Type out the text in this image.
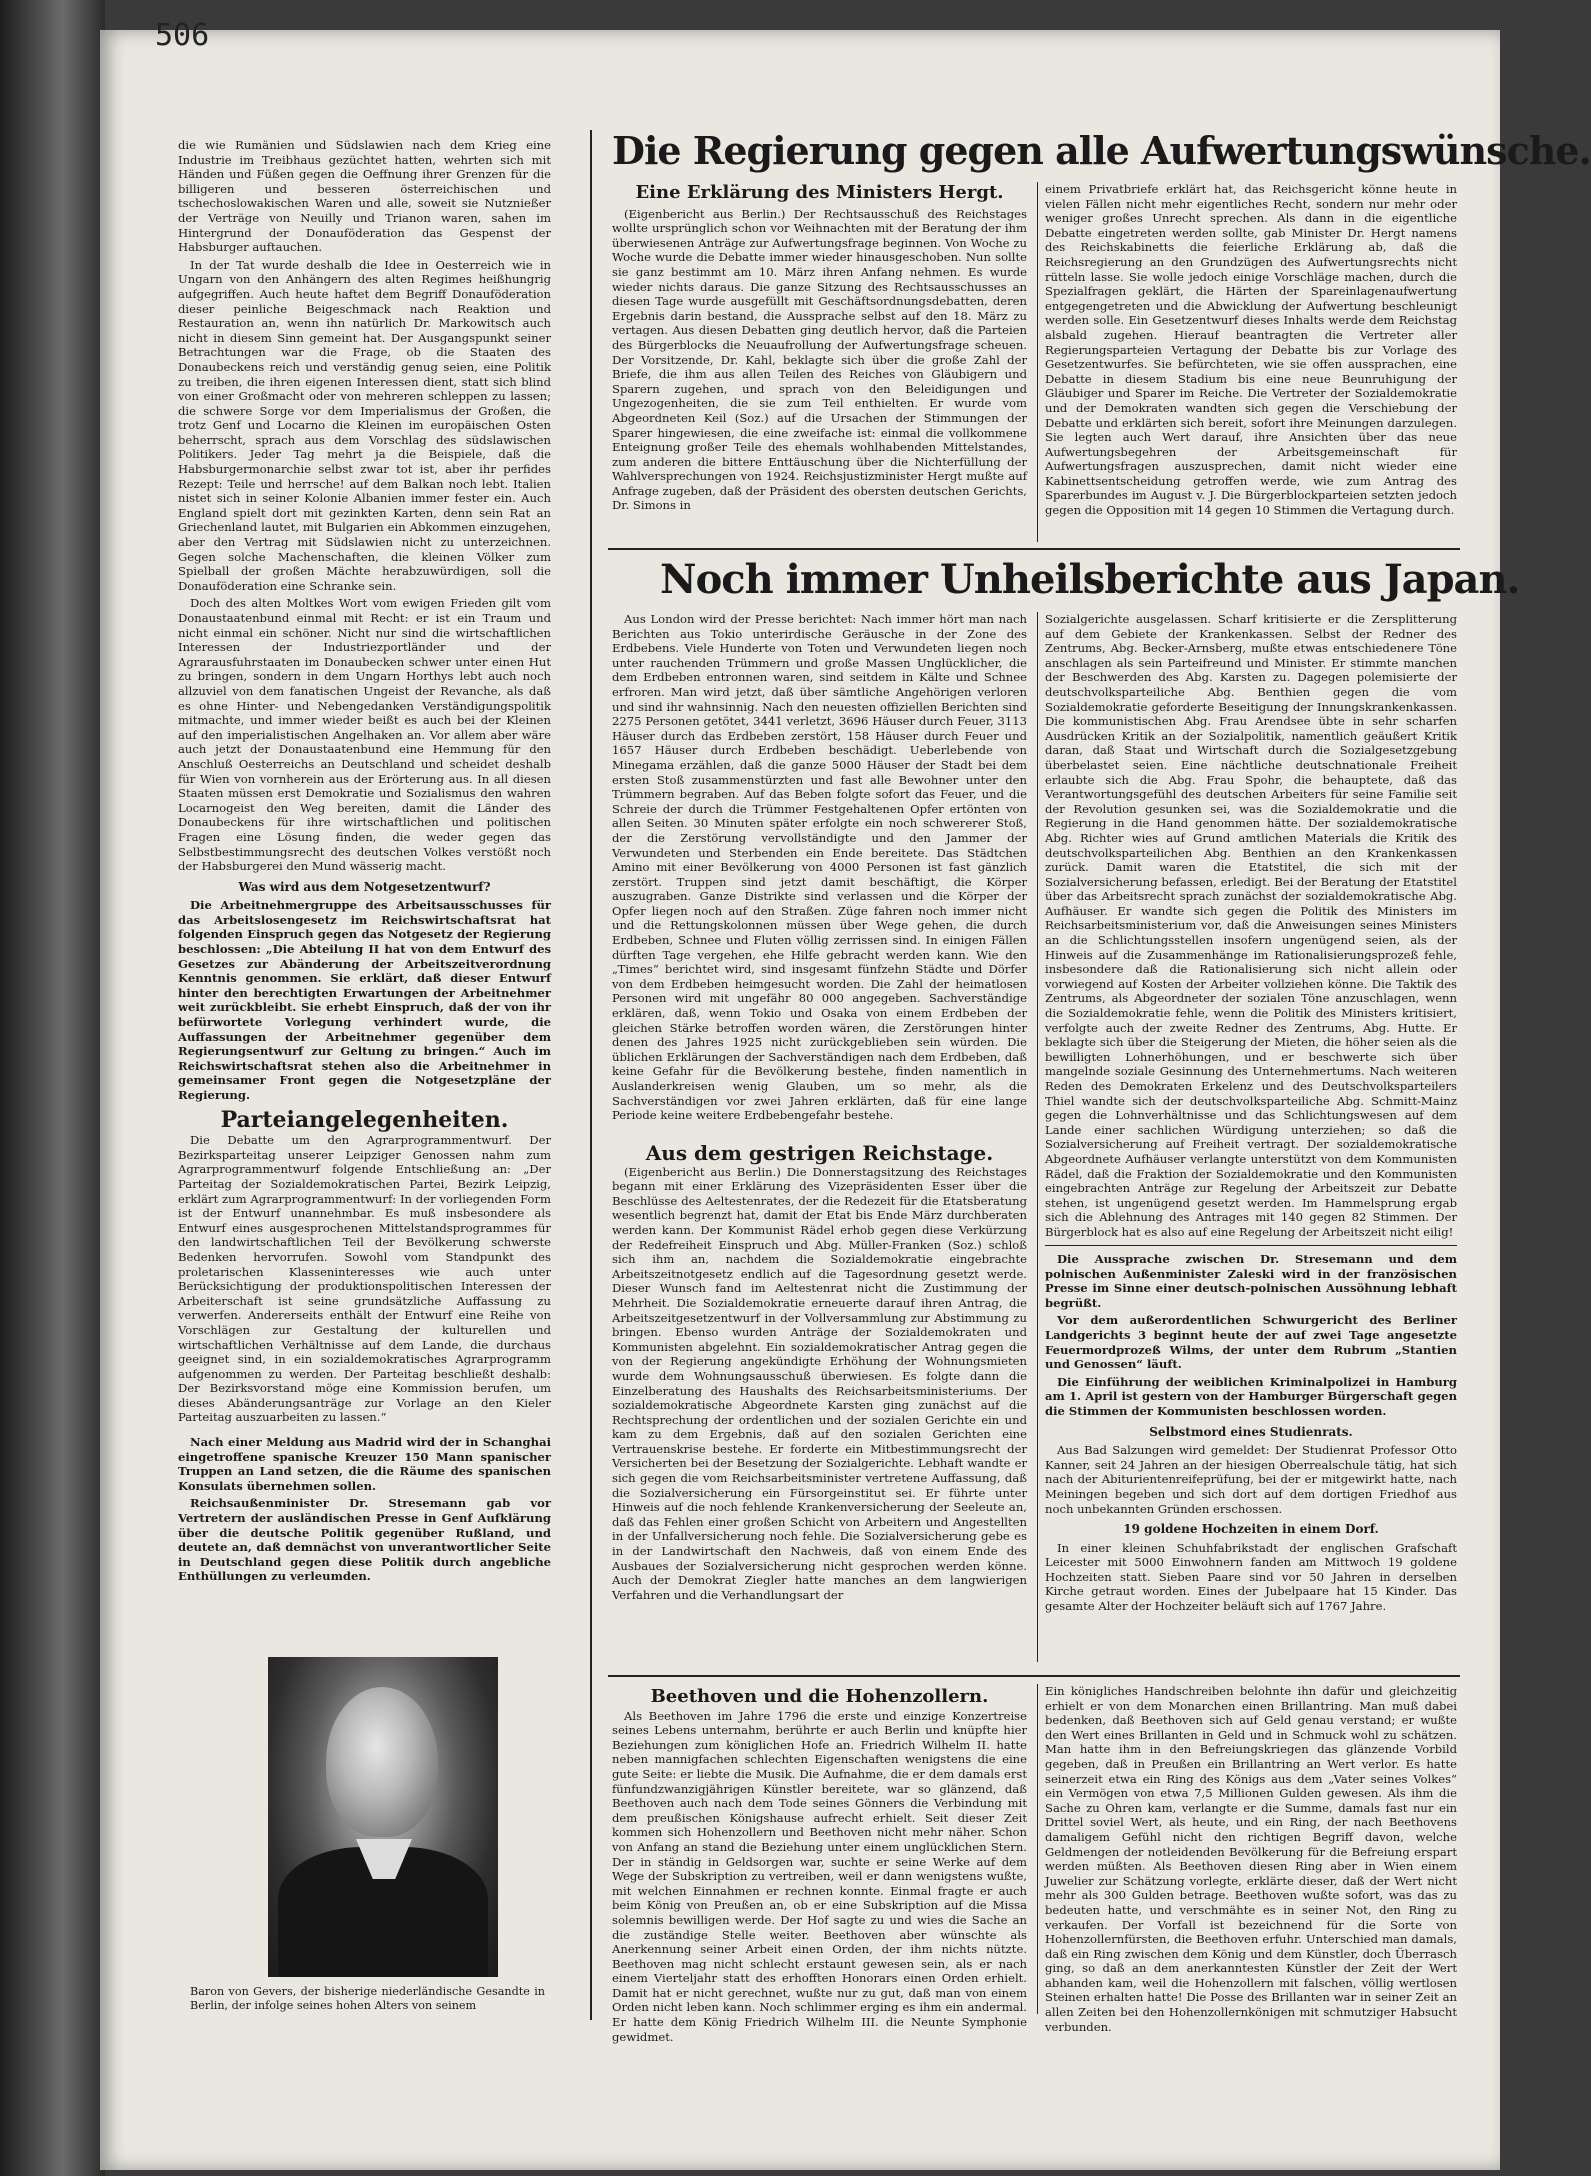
506

die wie Rumänien und Südslawien nach dem Krieg eine Industrie im Treibhaus gezüchtet hatten, wehrten sich mit Händen und Füßen gegen die Oeffnung ihrer Grenzen für die billigeren und besseren österreichischen und tschechoslowakischen Waren und alle, soweit sie Nutznießer der Verträge von Neuilly und Trianon waren, sahen im Hintergrund der Donauföderation das Gespenst der Habsburger auftauchen.

In der Tat wurde deshalb die Idee in Oesterreich wie in Ungarn von den Anhängern des alten Regimes heißhungrig aufgegriffen. Auch heute haftet dem Begriff Donauföderation dieser peinliche Beigeschmack nach Reaktion und Restauration an, wenn ihn natürlich Dr. Markowitsch auch nicht in diesem Sinn gemeint hat. Der Ausgangspunkt seiner Betrachtungen war die Frage, ob die Staaten des Donaubeckens reich und verständig genug seien, eine Politik zu treiben, die ihren eigenen Interessen dient, statt sich blind von einer Großmacht oder von mehreren schleppen zu lassen; die schwere Sorge vor dem Imperialismus der Großen, die trotz Genf und Locarno die Kleinen im europäischen Osten beherrscht, sprach aus dem Vorschlag des südslawischen Politikers. Jeder Tag mehrt ja die Beispiele, daß die Habsburgermonarchie selbst zwar tot ist, aber ihr perfides Rezept: Teile und herrsche! auf dem Balkan noch lebt. Italien nistet sich in seiner Kolonie Albanien immer fester ein. Auch England spielt dort mit gezinkten Karten, denn sein Rat an Griechenland lautet, mit Bulgarien ein Abkommen einzugehen, aber den Vertrag mit Südslawien nicht zu unterzeichnen. Gegen solche Machenschaften, die kleinen Völker zum Spielball der großen Mächte herabzuwürdigen, soll die Donauföderation eine Schranke sein.

Doch des alten Moltkes Wort vom ewigen Frieden gilt vom Donaustaatenbund einmal mit Recht: er ist ein Traum und nicht einmal ein schöner. Nicht nur sind die wirtschaftlichen Interessen der Industriezportländer und der Agrarausfuhrstaaten im Donaubecken schwer unter einen Hut zu bringen, sondern in dem Ungarn Horthys lebt auch noch allzuviel von dem fanatischen Ungeist der Revanche, als daß es ohne Hinter- und Nebengedanken Verständigungspolitik mitmachte, und immer wieder beißt es auch bei der Kleinen auf den imperialistischen Angelhaken an. Vor allem aber wäre auch jetzt der Donaustaatenbund eine Hemmung für den Anschluß Oesterreichs an Deutschland und scheidet deshalb für Wien von vornherein aus der Erörterung aus. In all diesen Staaten müssen erst Demokratie und Sozialismus den wahren Locarnogeist den Weg bereiten, damit die Länder des Donaubeckens für ihre wirtschaftlichen und politischen Fragen eine Lösung finden, die weder gegen das Selbstbestimmungsrecht des deutschen Volkes verstößt noch der Habsburgerei den Mund wässerig macht.

Was wird aus dem Notgesetzentwurf?

Die Arbeitnehmergruppe des Arbeitsausschusses für das Arbeitslosengesetz im Reichswirtschaftsrat hat folgenden Einspruch gegen das Notgesetz der Regierung beschlossen: „Die Abteilung II hat von dem Entwurf des Gesetzes zur Abänderung der Arbeitszeitverordnung Kenntnis genommen. Sie erklärt, daß dieser Entwurf hinter den berechtigten Erwartungen der Arbeitnehmer weit zurückbleibt. Sie erhebt Einspruch, daß der von ihr befürwortete Vorlegung verhindert wurde, die Auffassungen der Arbeitnehmer gegenüber dem Regierungsentwurf zur Geltung zu bringen.“ Auch im Reichswirtschaftsrat stehen also die Arbeitnehmer in gemeinsamer Front gegen die Notgesetzpläne der Regierung.

Parteiangelegenheiten.

Die Debatte um den Agrarprogrammentwurf. Der Bezirksparteitag unserer Leipziger Genossen nahm zum Agrarprogrammentwurf folgende Entschließung an: „Der Parteitag der Sozialdemokratischen Partei, Bezirk Leipzig, erklärt zum Agrarprogrammentwurf: In der vorliegenden Form ist der Entwurf unannehmbar. Es muß insbesondere als Entwurf eines ausgesprochenen Mittelstandsprogrammes für den landwirtschaftlichen Teil der Bevölkerung schwerste Bedenken hervorrufen. Sowohl vom Standpunkt des proletarischen Klasseninteresses wie auch unter Berücksichtigung der produktionspolitischen Interessen der Arbeiterschaft ist seine grundsätzliche Auffassung zu verwerfen. Andererseits enthält der Entwurf eine Reihe von Vorschlägen zur Gestaltung der kulturellen und wirtschaftlichen Verhältnisse auf dem Lande, die durchaus geeignet sind, in ein sozialdemokratisches Agrarprogramm aufgenommen zu werden. Der Parteitag beschließt deshalb: Der Bezirksvorstand möge eine Kommission berufen, um dieses Abänderungsanträge zur Vorlage an den Kieler Parteitag auszuarbeiten zu lassen.“

Nach einer Meldung aus Madrid wird der in Schanghai eingetroffene spanische Kreuzer 150 Mann spanischer Truppen an Land setzen, die die Räume des spanischen Konsulats übernehmen sollen.

Reichsaußenminister Dr. Stresemann gab vor Vertretern der ausländischen Presse in Genf Aufklärung über die deutsche Politik gegenüber Rußland, und deutete an, daß demnächst von unverantwortlicher Seite in Deutschland gegen diese Politik durch angebliche Enthüllungen zu verleumden.

Baron von Gevers, der bisherige niederländische Gesandte in Berlin, der infolge seines hohen Alters von seinem
Die Regierung gegen alle Aufwertungswünsche.
Eine Erklärung des Ministers Hergt.

(Eigenbericht aus Berlin.) Der Rechtsausschuß des Reichstages wollte ursprünglich schon vor Weihnachten mit der Beratung der ihm überwiesenen Anträge zur Aufwertungsfrage beginnen. Von Woche zu Woche wurde die Debatte immer wieder hinausgeschoben. Nun sollte sie ganz bestimmt am 10. März ihren Anfang nehmen. Es wurde wieder nichts daraus. Die ganze Sitzung des Rechtsausschusses an diesen Tage wurde ausgefüllt mit Geschäftsordnungsdebatten, deren Ergebnis darin bestand, die Aussprache selbst auf den 18. März zu vertagen. Aus diesen Debatten ging deutlich hervor, daß die Parteien des Bürgerblocks die Neuaufrollung der Aufwertungsfrage scheuen. Der Vorsitzende, Dr. Kahl, beklagte sich über die große Zahl der Briefe, die ihm aus allen Teilen des Reiches von Gläubigern und Sparern zugehen, und sprach von den Beleidigungen und Ungezogenheiten, die sie zum Teil enthielten. Er wurde vom Abgeordneten Keil (Soz.) auf die Ursachen der Stimmungen der Sparer hingewiesen, die eine zweifache ist: einmal die vollkommene Enteignung großer Teile des ehemals wohlhabenden Mittelstandes, zum anderen die bittere Enttäuschung über die Nichterfüllung der Wahlversprechungen von 1924. Reichsjustizminister Hergt mußte auf Anfrage zugeben, daß der Präsident des obersten deutschen Gerichts, Dr. Simons in

einem Privatbriefe erklärt hat, das Reichsgericht könne heute in vielen Fällen nicht mehr eigentliches Recht, sondern nur mehr oder weniger großes Unrecht sprechen. Als dann in die eigentliche Debatte eingetreten werden sollte, gab Minister Dr. Hergt namens des Reichskabinetts die feierliche Erklärung ab, daß die Reichsregierung an den Grundzügen des Aufwertungsrechts nicht rütteln lasse. Sie wolle jedoch einige Vorschläge machen, durch die Spezialfragen geklärt, die Härten der Spareinlagenaufwertung entgegengetreten und die Abwicklung der Aufwertung beschleunigt werden solle. Ein Gesetzentwurf dieses Inhalts werde dem Reichstag alsbald zugehen. Hierauf beantragten die Vertreter aller Regierungsparteien Vertagung der Debatte bis zur Vorlage des Gesetzentwurfes. Sie befürchteten, wie sie offen aussprachen, eine Debatte in diesem Stadium bis eine neue Beunruhigung der Gläubiger und Sparer im Reiche. Die Vertreter der Sozialdemokratie und der Demokraten wandten sich gegen die Verschiebung der Debatte und erklärten sich bereit, sofort ihre Meinungen darzulegen. Sie legten auch Wert darauf, ihre Ansichten über das neue Aufwertungsbegehren der Arbeitsgemeinschaft für Aufwertungsfragen auszusprechen, damit nicht wieder eine Kabinettsentscheidung getroffen werde, wie zum Antrag des Sparerbundes im August v. J. Die Bürgerblockparteien setzten jedoch gegen die Opposition mit 14 gegen 10 Stimmen die Vertagung durch.

Noch immer Unheilsberichte aus Japan.

Aus London wird der Presse berichtet: Nach immer hört man nach Berichten aus Tokio unterirdische Geräusche in der Zone des Erdbebens. Viele Hunderte von Toten und Verwundeten liegen noch unter rauchenden Trümmern und große Massen Unglücklicher, die dem Erdbeben entronnen waren, sind seitdem in Kälte und Schnee erfroren. Man wird jetzt, daß über sämtliche Angehörigen verloren und sind ihr wahnsinnig. Nach den neuesten offiziellen Berichten sind 2275 Personen getötet, 3441 verletzt, 3696 Häuser durch Feuer, 3113 Häuser durch das Erdbeben zerstört, 158 Häuser durch Feuer und 1657 Häuser durch Erdbeben beschädigt. Ueberlebende von Minegama erzählen, daß die ganze 5000 Häuser der Stadt bei dem ersten Stoß zusammenstürzten und fast alle Bewohner unter den Trümmern begraben. Auf das Beben folgte sofort das Feuer, und die Schreie der durch die Trümmer Festgehaltenen Opfer ertönten von allen Seiten. 30 Minuten später erfolgte ein noch schwererer Stoß, der die Zerstörung vervollständigte und den Jammer der Verwundeten und Sterbenden ein Ende bereitete. Das Städtchen Amino mit einer Bevölkerung von 4000 Personen ist fast gänzlich zerstört. Truppen sind jetzt damit beschäftigt, die Körper auszugraben. Ganze Distrikte sind verlassen und die Körper der Opfer liegen noch auf den Straßen. Züge fahren noch immer nicht und die Rettungskolonnen müssen über Wege gehen, die durch Erdbeben, Schnee und Fluten völlig zerrissen sind. In einigen Fällen dürften Tage vergehen, ehe Hilfe gebracht werden kann. Wie den „Times“ berichtet wird, sind insgesamt fünfzehn Städte und Dörfer von dem Erdbeben heimgesucht worden. Die Zahl der heimatlosen Personen wird mit ungefähr 80 000 angegeben. Sachverständige erklären, daß, wenn Tokio und Osaka von einem Erdbeben der gleichen Stärke betroffen worden wären, die Zerstörungen hinter denen des Jahres 1925 nicht zurückgeblieben sein würden. Die üblichen Erklärungen der Sachverständigen nach dem Erdbeben, daß keine Gefahr für die Bevölkerung bestehe, finden namentlich in Auslanderkreisen wenig Glauben, um so mehr, als die Sachverständigen vor zwei Jahren erklärten, daß für eine lange Periode keine weitere Erdbebengefahr bestehe.

Aus dem gestrigen Reichstage.

(Eigenbericht aus Berlin.) Die Donnerstagsitzung des Reichstages begann mit einer Erklärung des Vizepräsidenten Esser über die Beschlüsse des Aeltestenrates, der die Redezeit für die Etatsberatung wesentlich begrenzt hat, damit der Etat bis Ende März durchberaten werden kann. Der Kommunist Rädel erhob gegen diese Verkürzung der Redefreiheit Einspruch und Abg. Müller-Franken (Soz.) schloß sich ihm an, nachdem die Sozialdemokratie eingebrachte Arbeitszeitnotgesetz endlich auf die Tagesordnung gesetzt werde. Dieser Wunsch fand im Aeltestenrat nicht die Zustimmung der Mehrheit. Die Sozialdemokratie erneuerte darauf ihren Antrag, die Arbeitszeitgesetzentwurf in der Vollversammlung zur Abstimmung zu bringen. Ebenso wurden Anträge der Sozialdemokraten und Kommunisten abgelehnt. Ein sozialdemokratischer Antrag gegen die von der Regierung angekündigte Erhöhung der Wohnungsmieten wurde dem Wohnungsausschuß überwiesen. Es folgte dann die Einzelberatung des Haushalts des Reichsarbeitsministeriums. Der sozialdemokratische Abgeordnete Karsten ging zunächst auf die Rechtsprechung der ordentlichen und der sozialen Gerichte ein und kam zu dem Ergebnis, daß auf den sozialen Gerichten eine Vertrauenskrise bestehe. Er forderte ein Mitbestimmungsrecht der Versicherten bei der Besetzung der Sozialgerichte. Lebhaft wandte er sich gegen die vom Reichsarbeitsminister vertretene Auffassung, daß die Sozialversicherung ein Fürsorgeinstitut sei. Er führte unter Hinweis auf die noch fehlende Krankenversicherung der Seeleute an, daß das Fehlen einer großen Schicht von Arbeitern und Angestellten in der Unfallversicherung noch fehle. Die Sozialversicherung gebe es in der Landwirtschaft den Nachweis, daß von einem Ende des Ausbaues der Sozialversicherung nicht gesprochen werden könne. Auch der Demokrat Ziegler hatte manches an dem langwierigen Verfahren und die Verhandlungsart der

Sozialgerichte ausgelassen. Scharf kritisierte er die Zersplitterung auf dem Gebiete der Krankenkassen. Selbst der Redner des Zentrums, Abg. Becker-Arnsberg, mußte etwas entschiedenere Töne anschlagen als sein Parteifreund und Minister. Er stimmte manchen der Beschwerden des Abg. Karsten zu. Dagegen polemisierte der deutschvolksparteiliche Abg. Benthien gegen die vom Sozialdemokratie geforderte Beseitigung der Innungskrankenkassen. Die kommunistischen Abg. Frau Arendsee übte in sehr scharfen Ausdrücken Kritik an der Sozialpolitik, namentlich geäußert Kritik daran, daß Staat und Wirtschaft durch die Sozialgesetzgebung überbelastet seien. Eine nächtliche deutschnationale Freiheit erlaubte sich die Abg. Frau Spohr, die behauptete, daß das Verantwortungsgefühl des deutschen Arbeiters für seine Familie seit der Revolution gesunken sei, was die Sozialdemokratie und die Regierung in die Hand genommen hätte. Der sozialdemokratische Abg. Richter wies auf Grund amtlichen Materials die Kritik des deutschvolksparteilichen Abg. Benthien an den Krankenkassen zurück. Damit waren die Etatstitel, die sich mit der Sozialversicherung befassen, erledigt. Bei der Beratung der Etatstitel über das Arbeitsrecht sprach zunächst der sozialdemokratische Abg. Aufhäuser. Er wandte sich gegen die Politik des Ministers im Reichsarbeitsministerium vor, daß die Anweisungen seines Ministers an die Schlichtungsstellen insofern ungenügend seien, als der Hinweis auf die Zusammenhänge im Rationalisierungsprozeß fehle, insbesondere daß die Rationalisierung sich nicht allein oder vorwiegend auf Kosten der Arbeiter vollziehen könne. Die Taktik des Zentrums, als Abgeordneter der sozialen Töne anzuschlagen, wenn die Sozialdemokratie fehle, wenn die Politik des Ministers kritisiert, verfolgte auch der zweite Redner des Zentrums, Abg. Hutte. Er beklagte sich über die Steigerung der Mieten, die höher seien als die bewilligten Lohnerhöhungen, und er beschwerte sich über mangelnde soziale Gesinnung des Unternehmertums. Nach weiteren Reden des Demokraten Erkelenz und des Deutschvolksparteilers Thiel wandte sich der deutschvolksparteiliche Abg. Schmitt-Mainz gegen die Lohnverhältnisse und das Schlichtungswesen auf dem Lande einer sachlichen Würdigung unterziehen; so daß die Sozialversicherung auf Freiheit vertragt. Der sozialdemokratische Abgeordnete Aufhäuser verlangte unterstützt von dem Kommunisten Rädel, daß die Fraktion der Sozialdemokratie und den Kommunisten eingebrachten Anträge zur Regelung der Arbeitszeit zur Debatte stehen, ist ungenügend gesetzt werden. Im Hammelsprung ergab sich die Ablehnung des Antrages mit 140 gegen 82 Stimmen. Der Bürgerblock hat es also auf eine Regelung der Arbeitszeit nicht eilig!

Die Aussprache zwischen Dr. Stresemann und dem polnischen Außenminister Zaleski wird in der französischen Presse im Sinne einer deutsch-polnischen Aussöhnung lebhaft begrüßt.

Vor dem außerordentlichen Schwurgericht des Berliner Landgerichts 3 beginnt heute der auf zwei Tage angesetzte Feuermordprozeß Wilms, der unter dem Rubrum „Stantien und Genossen“ läuft.

Die Einführung der weiblichen Kriminalpolizei in Hamburg am 1. April ist gestern von der Hamburger Bürgerschaft gegen die Stimmen der Kommunisten beschlossen worden.

Selbstmord eines Studienrats.

Aus Bad Salzungen wird gemeldet: Der Studienrat Professor Otto Kanner, seit 24 Jahren an der hiesigen Oberrealschule tätig, hat sich nach der Abiturientenreifeprüfung, bei der er mitgewirkt hatte, nach Meiningen begeben und sich dort auf dem dortigen Friedhof aus noch unbekannten Gründen erschossen.

19 goldene Hochzeiten in einem Dorf.

In einer kleinen Schuhfabrikstadt der englischen Grafschaft Leicester mit 5000 Einwohnern fanden am Mittwoch 19 goldene Hochzeiten statt. Sieben Paare sind vor 50 Jahren in derselben Kirche getraut worden. Eines der Jubelpaare hat 15 Kinder. Das gesamte Alter der Hochzeiter beläuft sich auf 1767 Jahre.

Beethoven und die Hohenzollern.

Als Beethoven im Jahre 1796 die erste und einzige Konzertreise seines Lebens unternahm, berührte er auch Berlin und knüpfte hier Beziehungen zum königlichen Hofe an. Friedrich Wilhelm II. hatte neben mannigfachen schlechten Eigenschaften wenigstens die eine gute Seite: er liebte die Musik. Die Aufnahme, die er dem damals erst fünfundzwanzigjährigen Künstler bereitete, war so glänzend, daß Beethoven auch nach dem Tode seines Gönners die Verbindung mit dem preußischen Königshause aufrecht erhielt. Seit dieser Zeit kommen sich Hohenzollern und Beethoven nicht mehr näher. Schon von Anfang an stand die Beziehung unter einem unglücklichen Stern. Der in ständig in Geldsorgen war, suchte er seine Werke auf dem Wege der Subskription zu vertreiben, weil er dann wenigstens wußte, mit welchen Einnahmen er rechnen konnte. Einmal fragte er auch beim König von Preußen an, ob er eine Subskription auf die Missa solemnis bewilligen werde. Der Hof sagte zu und wies die Sache an die zuständige Stelle weiter. Beethoven aber wünschte als Anerkennung seiner Arbeit einen Orden, der ihm nichts nützte. Beethoven mag nicht schlecht erstaunt gewesen sein, als er nach einem Vierteljahr statt des erhofften Honorars einen Orden erhielt. Damit hat er nicht gerechnet, wußte nur zu gut, daß man von einem Orden nicht leben kann. Noch schlimmer erging es ihm ein andermal. Er hatte dem König Friedrich Wilhelm III. die Neunte Symphonie gewidmet.

Ein königliches Handschreiben belohnte ihn dafür und gleichzeitig erhielt er von dem Monarchen einen Brillantring. Man muß dabei bedenken, daß Beethoven sich auf Geld genau verstand; er wußte den Wert eines Brillanten in Geld und in Schmuck wohl zu schätzen. Man hatte ihm in den Befreiungskriegen das glänzende Vorbild gegeben, daß in Preußen ein Brillantring an Wert verlor. Es hatte seinerzeit etwa ein Ring des Königs aus dem „Vater seines Volkes“ ein Vermögen von etwa 7,5 Millionen Gulden gewesen. Als ihm die Sache zu Ohren kam, verlangte er die Summe, damals fast nur ein Drittel soviel Wert, als heute, und ein Ring, der nach Beethovens damaligem Gefühl nicht den richtigen Begriff davon, welche Geldmengen der notleidenden Bevölkerung für die Befreiung erspart werden müßten. Als Beethoven diesen Ring aber in Wien einem Juwelier zur Schätzung vorlegte, erklärte dieser, daß der Wert nicht mehr als 300 Gulden betrage. Beethoven wußte sofort, was das zu bedeuten hatte, und verschmähte es in seiner Not, den Ring zu verkaufen. Der Vorfall ist bezeichnend für die Sorte von Hohenzollernfürsten, die Beethoven erfuhr. Unterschied man damals, daß ein Ring zwischen dem König und dem Künstler, doch Überrasch ging, so daß an dem anerkanntesten Künstler der Zeit der Wert abhanden kam, weil die Hohenzollern mit falschen, völlig wertlosen Steinen erhalten hatte! Die Posse des Brillanten war in seiner Zeit an allen Zeiten bei den Hohenzollernkönigen mit schmutziger Habsucht verbunden.
